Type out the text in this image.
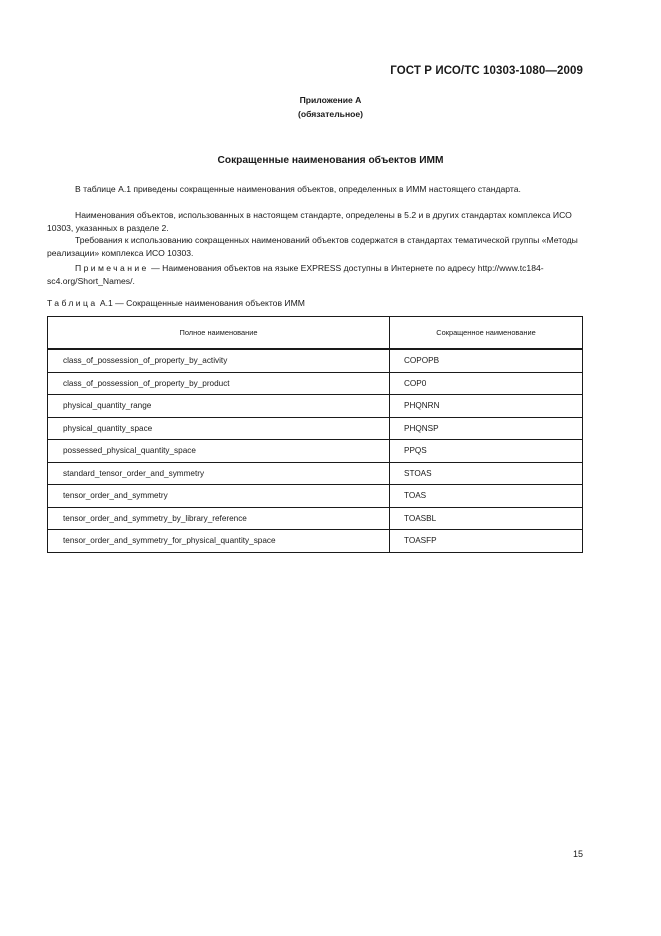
ГОСТ Р ИСО/ТС 10303-1080—2009
Приложение А
(обязательное)
Сокращенные наименования объектов ИММ
В таблице А.1 приведены сокращенные наименования объектов, определенных в ИММ настоящего стандарта.
Наименования объектов, использованных в настоящем стандарте, определены в 5.2 и в других стандартах комплекса ИСО 10303, указанных в разделе 2.
Требования к использованию сокращенных наименований объектов содержатся в стандартах тематической группы «Методы реализации» комплекса ИСО 10303.
Примечание — Наименования объектов на языке EXPRESS доступны в Интернете по адресу http://www.tc184-sc4.org/Short_Names/.
Таблица А.1 — Сокращенные наименования объектов ИММ
Полное наименование	Сокращенное наименование
class_of_possession_of_property_by_activity	COPOPB
class_of_possession_of_property_by_product	COP0
physical_quantity_range	PHQNRN
physical_quantity_space	PHQNSP
possessed_physical_quantity_space	PPQS
standard_tensor_order_and_symmetry	STOAS
tensor_order_and_symmetry	TOAS
tensor_order_and_symmetry_by_library_reference	TOASBL
tensor_order_and_symmetry_for_physical_quantity_space	TOASFP
15
